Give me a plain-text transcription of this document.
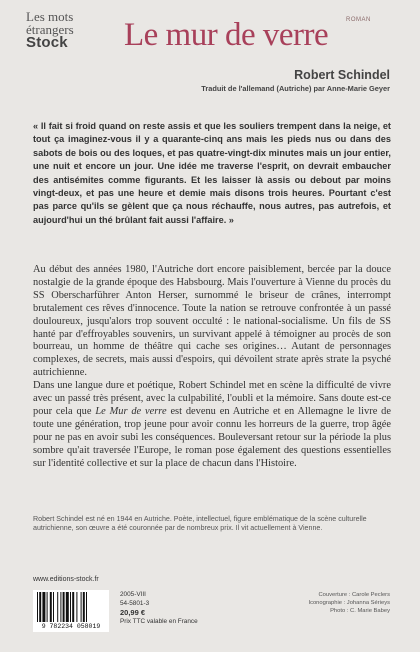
Les mots
étrangers
Stock
ROMAN
Le mur de verre
Robert Schindel
Traduit de l'allemand (Autriche) par Anne-Marie Geyer
« Il fait si froid quand on reste assis et que les souliers trempent dans la neige, et tout ça imaginez-vous il y a quarante-cinq ans mais les pieds nus ou dans des sabots de bois ou des loques, et pas quatre-vingt-dix minutes mais un jour entier, une nuit et encore un jour. Une idée me traverse l'esprit, on devrait embaucher des antisémites comme figurants. Et les laisser là assis ou debout par moins vingt-deux, et pas une heure et demie mais disons trois heures. Pourtant c'est pas parce qu'ils se gèlent que ça nous réchauffe, nous autres, pas autrefois, et aujourd'hui un thé brûlant fait aussi l'affaire. »

Au début des années 1980, l'Autriche dort encore paisiblement, bercée par la douce nostalgie de la grande époque des Habsbourg. Mais l'ouverture à Vienne du procès du SS Oberscharführer Anton Herser, surnommé le briseur de crânes, interrompt brutalement ces rêves d'innocence. Toute la nation se retrouve confrontée à un passé douloureux, jusqu'alors trop souvent occulté : le national-socialisme. Un fils de SS hanté par d'effroyables souvenirs, un survivant appelé à témoigner au procès de son bourreau, un homme de théâtre qui cache ses origines… Autant de personnages complexes, de secrets, mais aussi d'espoirs, qui dévoilent strate après strate la psyché autrichienne.

Dans une langue dure et poétique, Robert Schindel met en scène la difficulté de vivre avec un passé très présent, avec la culpabilité, l'oubli et la mémoire. Sans doute est-ce pour cela que Le Mur de verre est devenu en Autriche et en Allemagne le livre de toute une génération, trop jeune pour avoir connu les horreurs de la guerre, trop âgée pour ne pas en avoir subi les conséquences. Bouleversant retour sur la période la plus sombre qu'ait traversée l'Europe, le roman pose également des questions essentielles sur l'identité collective et sur la place de chacun dans l'Histoire.

Robert Schindel est né en 1944 en Autriche. Poète, intellectuel, figure emblématique de la scène culturelle autrichienne, son œuvre a été couronnée par de nombreux prix. Il vit actuellement à Vienne.
www.editions-stock.fr
9 782234 058019
2005-VIII
54-5801-3
20,99 €
Prix TTC valable en France
Couverture : Carole Peclers
Iconographie : Johanna Sérieys
Photo : C. Marie Babey
